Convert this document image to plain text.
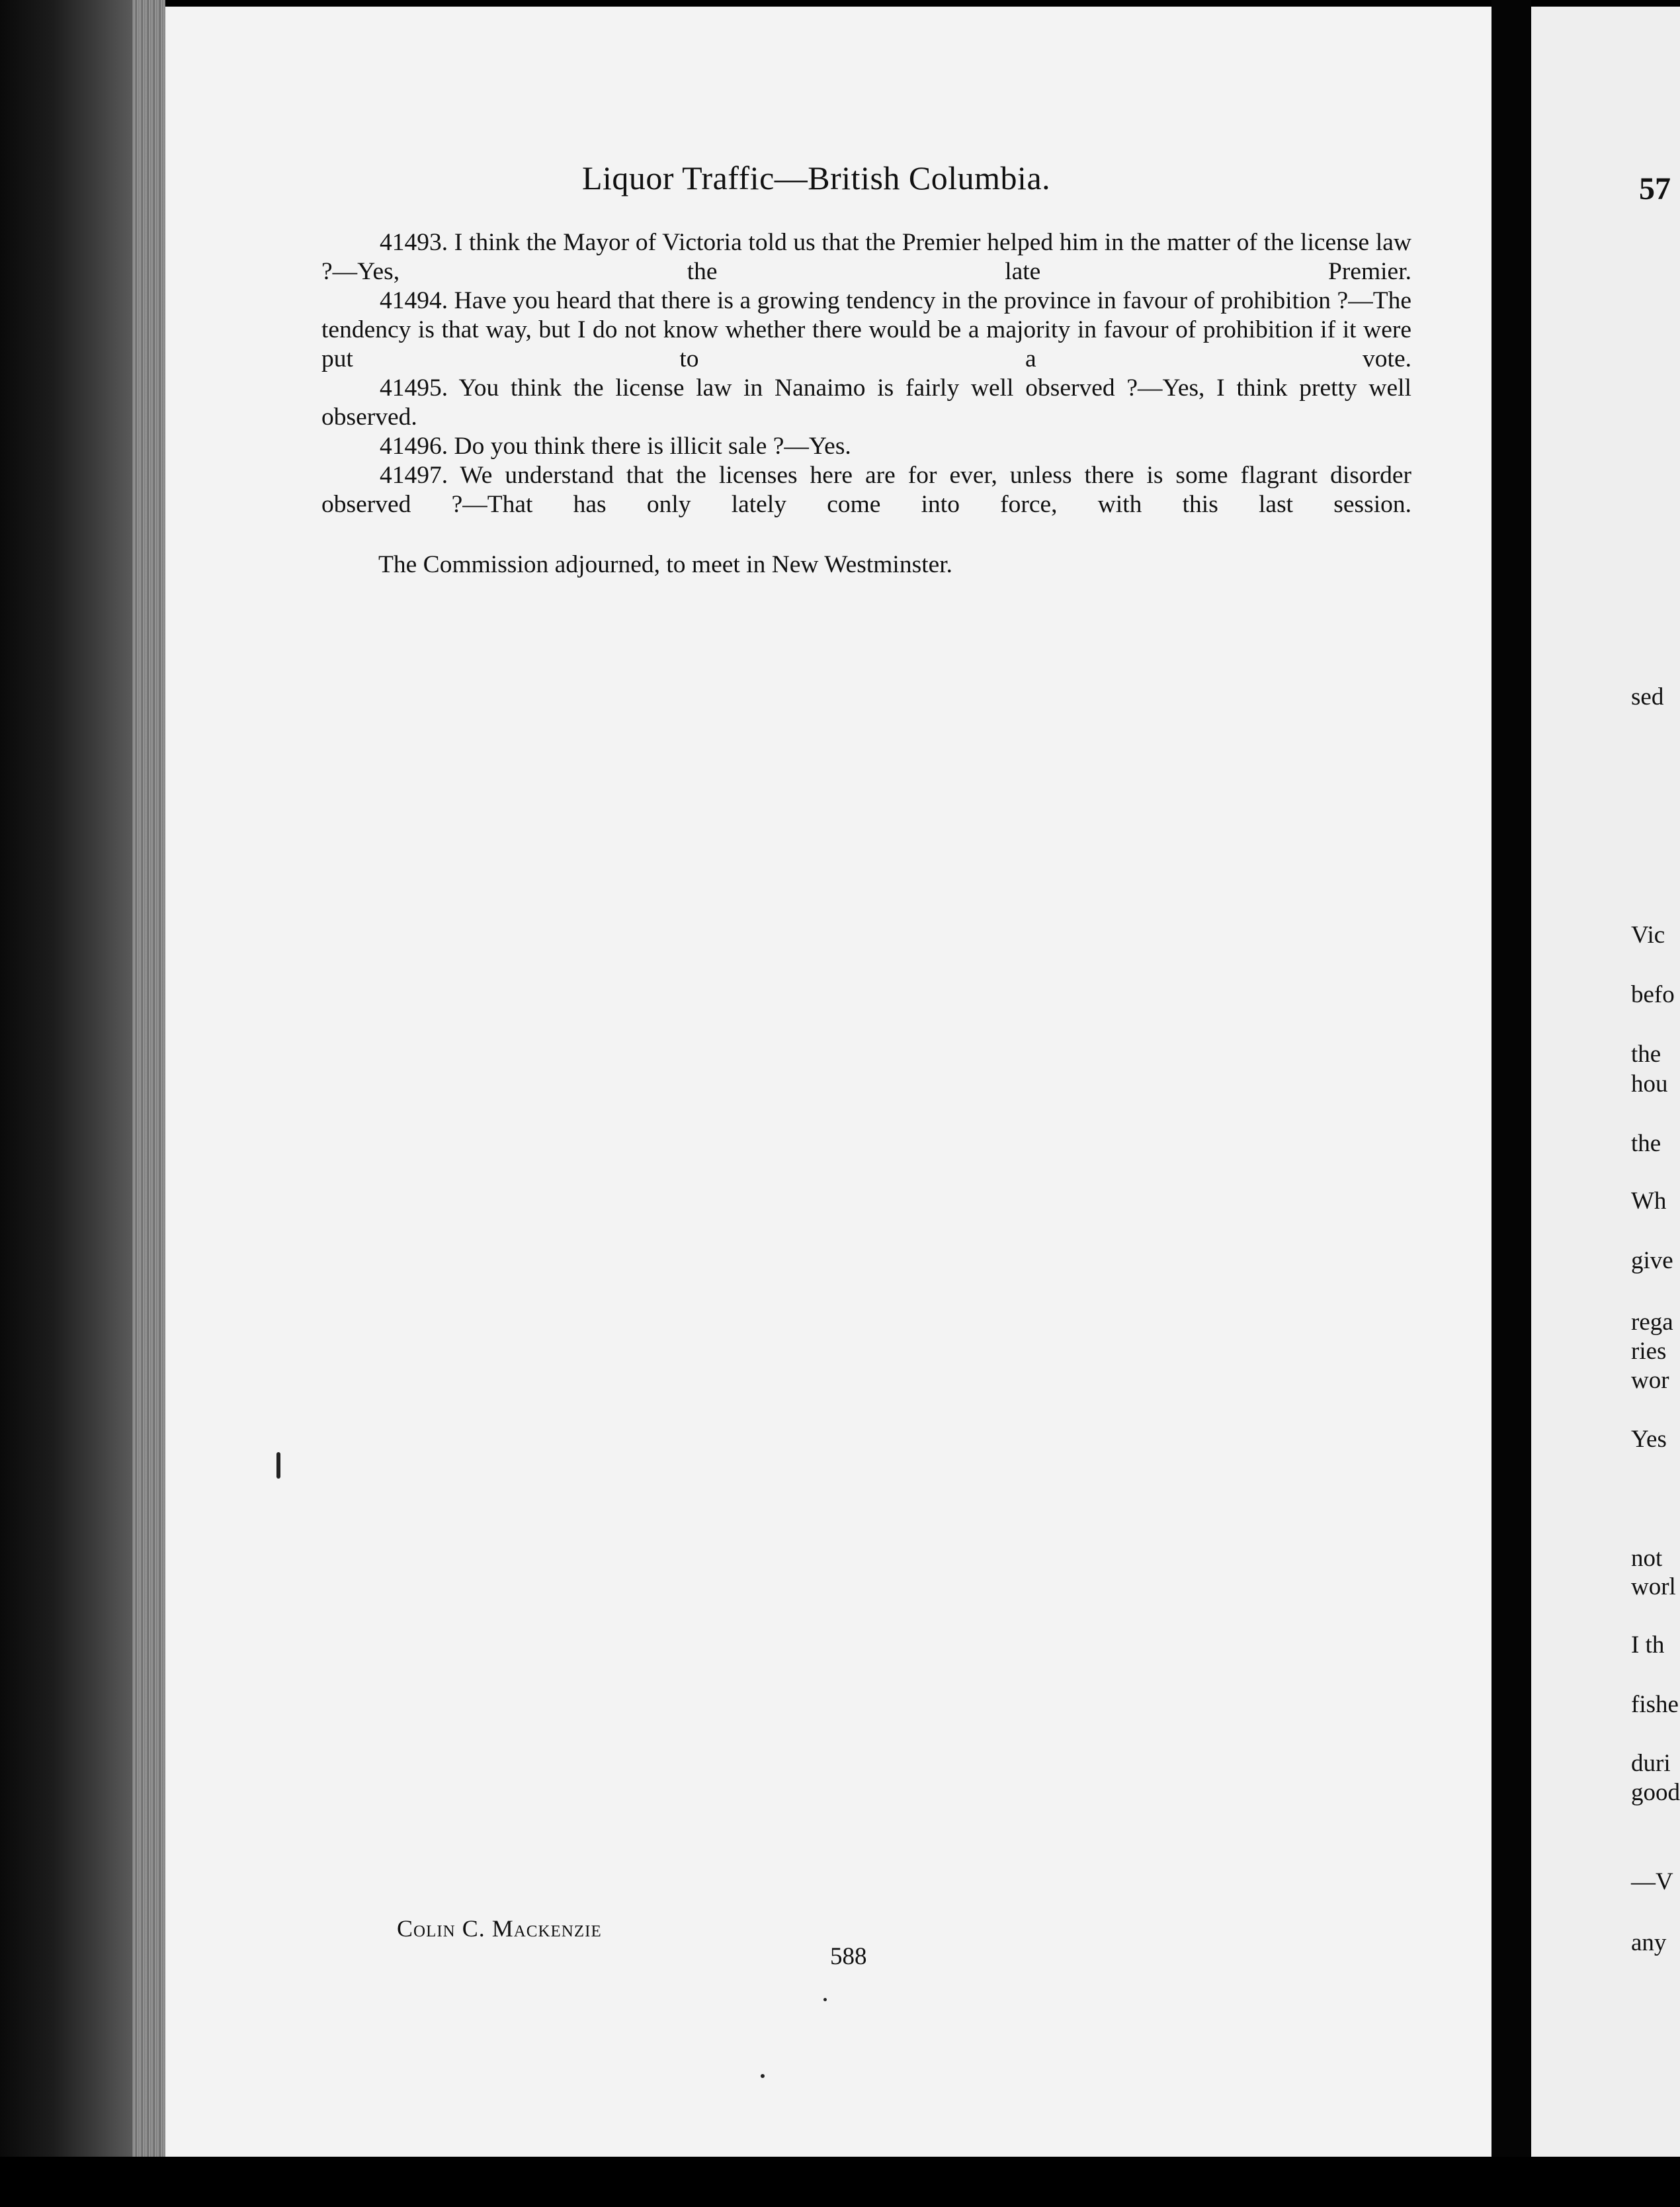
Liquor Traffic—British Columbia.

41493. I think the Mayor of Victoria told us that the Premier helped him in the matter of the license law ?—Yes, the late Premier.

41494. Have you heard that there is a growing tendency in the province in favour of prohibition ?—The tendency is that way, but I do not know whether there would be a majority in favour of prohibition if it were put to a vote.

41495. You think the license law in Nanaimo is fairly well observed ?—Yes, I think pretty well observed.

41496. Do you think there is illicit sale ?—Yes.

41497. We understand that the licenses here are for ever, unless there is some flagrant disorder observed ?—That has only lately come into force, with this last session.

The Commission adjourned, to meet in New Westminster.
Colin C. Mackenzie
588
57
sed
Vic
befo
the
hou
the
Wh
give
rega
ries
wor
Yes
not
worl
I th
fishe
duri
good
—V
any
